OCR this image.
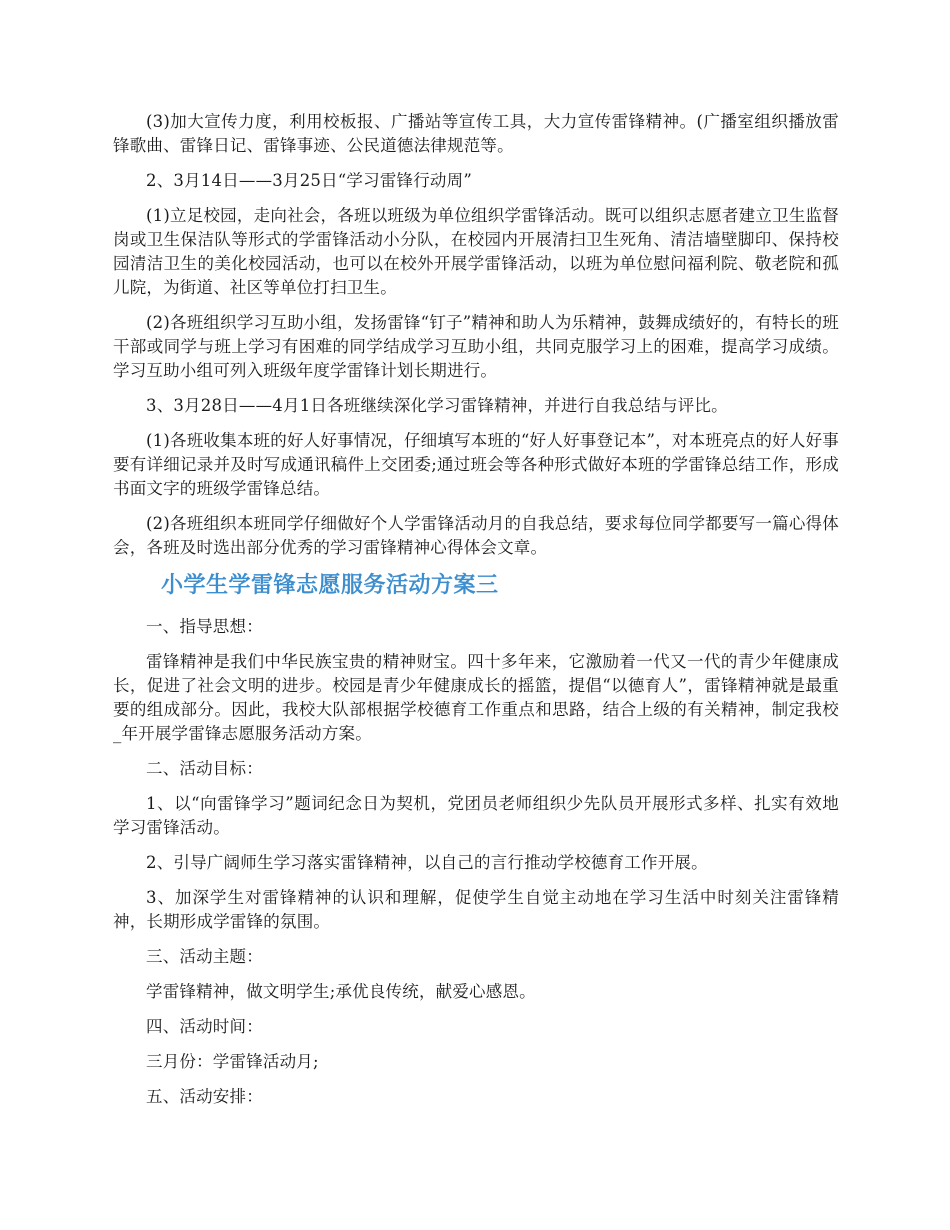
(3)加大宣传力度，利用校板报、广播站等宣传工具，大力宣传雷锋精神。(广播室组织播放雷锋歌曲、雷锋日记、雷锋事迹、公民道德法律规范等。

2、3月14日——3月25日“学习雷锋行动周”

(1)立足校园，走向社会，各班以班级为单位组织学雷锋活动。既可以组织志愿者建立卫生监督岗或卫生保洁队等形式的学雷锋活动小分队，在校园内开展清扫卫生死角、清洁墙壁脚印、保持校园清洁卫生的美化校园活动，也可以在校外开展学雷锋活动，以班为单位慰问福利院、敬老院和孤儿院，为街道、社区等单位打扫卫生。

(2)各班组织学习互助小组，发扬雷锋“钉子”精神和助人为乐精神，鼓舞成绩好的，有特长的班干部或同学与班上学习有困难的同学结成学习互助小组，共同克服学习上的困难，提高学习成绩。学习互助小组可列入班级年度学雷锋计划长期进行。

3、3月28日——4月1日各班继续深化学习雷锋精神，并进行自我总结与评比。

(1)各班收集本班的好人好事情况，仔细填写本班的“好人好事登记本”，对本班亮点的好人好事要有详细记录并及时写成通讯稿件上交团委;通过班会等各种形式做好本班的学雷锋总结工作，形成书面文字的班级学雷锋总结。

(2)各班组织本班同学仔细做好个人学雷锋活动月的自我总结，要求每位同学都要写一篇心得体会，各班及时选出部分优秀的学习雷锋精神心得体会文章。

小学生学雷锋志愿服务活动方案三

一、指导思想：

雷锋精神是我们中华民族宝贵的精神财宝。四十多年来，它激励着一代又一代的青少年健康成长，促进了社会文明的进步。校园是青少年健康成长的摇篮，提倡“以德育人”，雷锋精神就是最重要的组成部分。因此，我校大队部根据学校德育工作重点和思路，结合上级的有关精神，制定我校_年开展学雷锋志愿服务活动方案。

二、活动目标：

1、以“向雷锋学习”题词纪念日为契机，党团员老师组织少先队员开展形式多样、扎实有效地学习雷锋活动。

2、引导广阔师生学习落实雷锋精神，以自己的言行推动学校德育工作开展。

3、加深学生对雷锋精神的认识和理解，促使学生自觉主动地在学习生活中时刻关注雷锋精神，长期形成学雷锋的氛围。

三、活动主题：

学雷锋精神，做文明学生;承优良传统，献爱心感恩。

四、活动时间：

三月份：学雷锋活动月;

五、活动安排：
